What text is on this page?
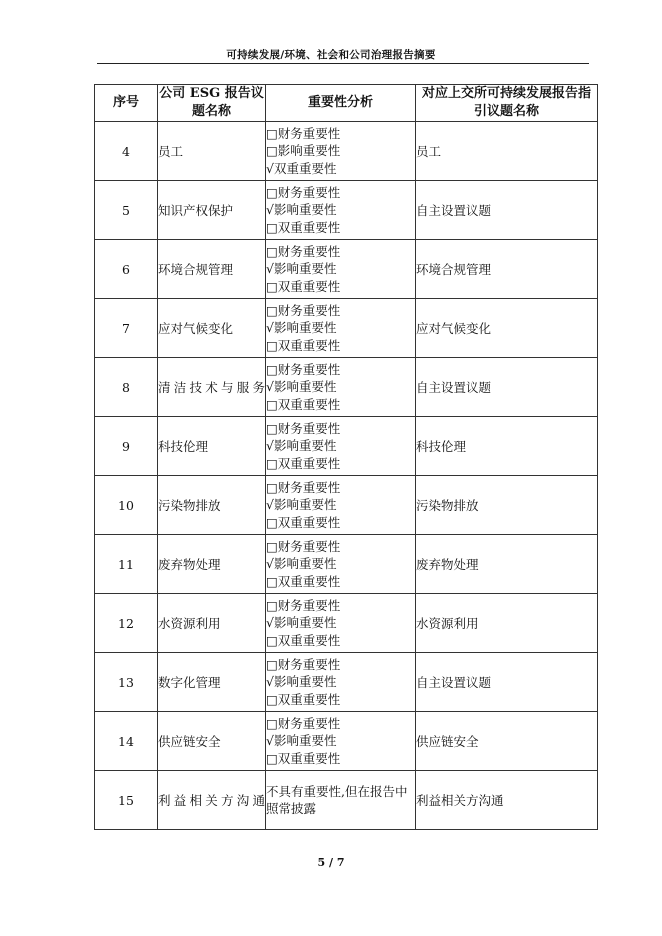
可持续发展/环境、社会和公司治理报告摘要
序号	公司 ESG 报告议题名称	重要性分析	对应上交所可持续发展报告指引议题名称
4	员工	□财务重要性
□影响重要性
√双重重要性	员工
5	知识产权保护	□财务重要性
√影响重要性
□双重重要性	自主设置议题
6	环境合规管理	□财务重要性
√影响重要性
□双重重要性	环境合规管理
7	应对气候变化	□财务重要性
√影响重要性
□双重重要性	应对气候变化
8	清洁技术与服务	□财务重要性
√影响重要性
□双重重要性	自主设置议题
9	科技伦理	□财务重要性
√影响重要性
□双重重要性	科技伦理
10	污染物排放	□财务重要性
√影响重要性
□双重重要性	污染物排放
11	废弃物处理	□财务重要性
√影响重要性
□双重重要性	废弃物处理
12	水资源利用	□财务重要性
√影响重要性
□双重重要性	水资源利用
13	数字化管理	□财务重要性
√影响重要性
□双重重要性	自主设置议题
14	供应链安全	□财务重要性
√影响重要性
□双重重要性	供应链安全
15	利益相关方沟通	不具有重要性,但在报告中照常披露	利益相关方沟通
5 / 7
